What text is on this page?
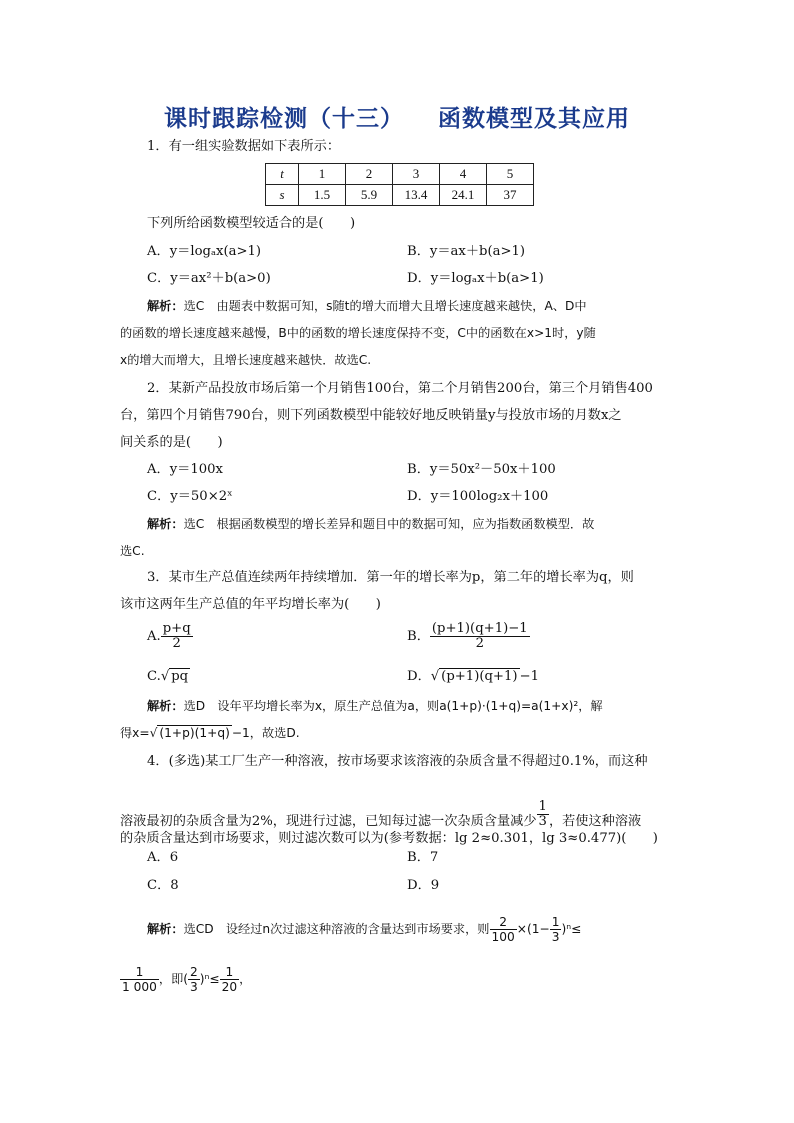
课时跟踪检测（十三） 函数模型及其应用
1．有一组实验数据如下表所示：
t	1	2	3	4	5
s	1.5	5.9	13.4	24.1	37
下列所给函数模型较适合的是(　　)
A．y＝logₐx(a>1)	B．y＝ax＋b(a>1)
C．y＝ax²＋b(a>0)	D．y＝logₐx＋b(a>1)
解析：选C　由题表中数据可知，s随t的增大而增大且增长速度越来越快，A、D中
的函数的增长速度越来越慢，B中的函数的增长速度保持不变，C中的函数在x>1时，y随
x的增大而增大，且增长速度越来越快．故选C.
2．某新产品投放市场后第一个月销售100台，第二个月销售200台，第三个月销售400
台，第四个月销售790台，则下列函数模型中能较好地反映销量y与投放市场的月数x之
间关系的是(　　)
A．y＝100x	B．y＝50x²－50x＋100
C．y＝50×2ˣ	D．y＝100log₂x＋100
解析：选C　根据函数模型的增长差异和题目中的数据可知，应为指数函数模型．故
选C.
3．某市生产总值连续两年持续增加．第一年的增长率为p，第二年的增长率为q，则
该市这两年生产总值的年平均增长率为(　　)
A. $\frac{p+q}{2}$	B． $\frac{(p+1)(q+1)-1}{2}$
C.√ pq	D．√ (p+1)(q+1) −1
解析：选D　设年平均增长率为x，原生产总值为a，则a(1+p)·(1+q)=a(1+x)²，解
得x=√ (1+p)(1+q) −1，故选D.
4．(多选)某工厂生产一种溶液，按市场要求该溶液的杂质含量不得超过0.1%，而这种
溶液最初的杂质含量为2%，现进行过滤，已知每过滤一次杂质含量减少 $\frac{1}{3}$ ，若使这种溶液
的杂质含量达到市场要求，则过滤次数可以为(参考数据：lg 2≈0.301，lg 3≈0.477)(　　)
A．6	B．7
C．8	D．9
解析：选CD　设经过n次过滤这种溶液的含量达到市场要求，则 $\frac{2}{100} \times(1- \frac{1}{3} )^n\le$
$\frac{1}{1 000}$ ，即( $\frac{2}{3} )^n\le \frac{1}{20}$ ，
